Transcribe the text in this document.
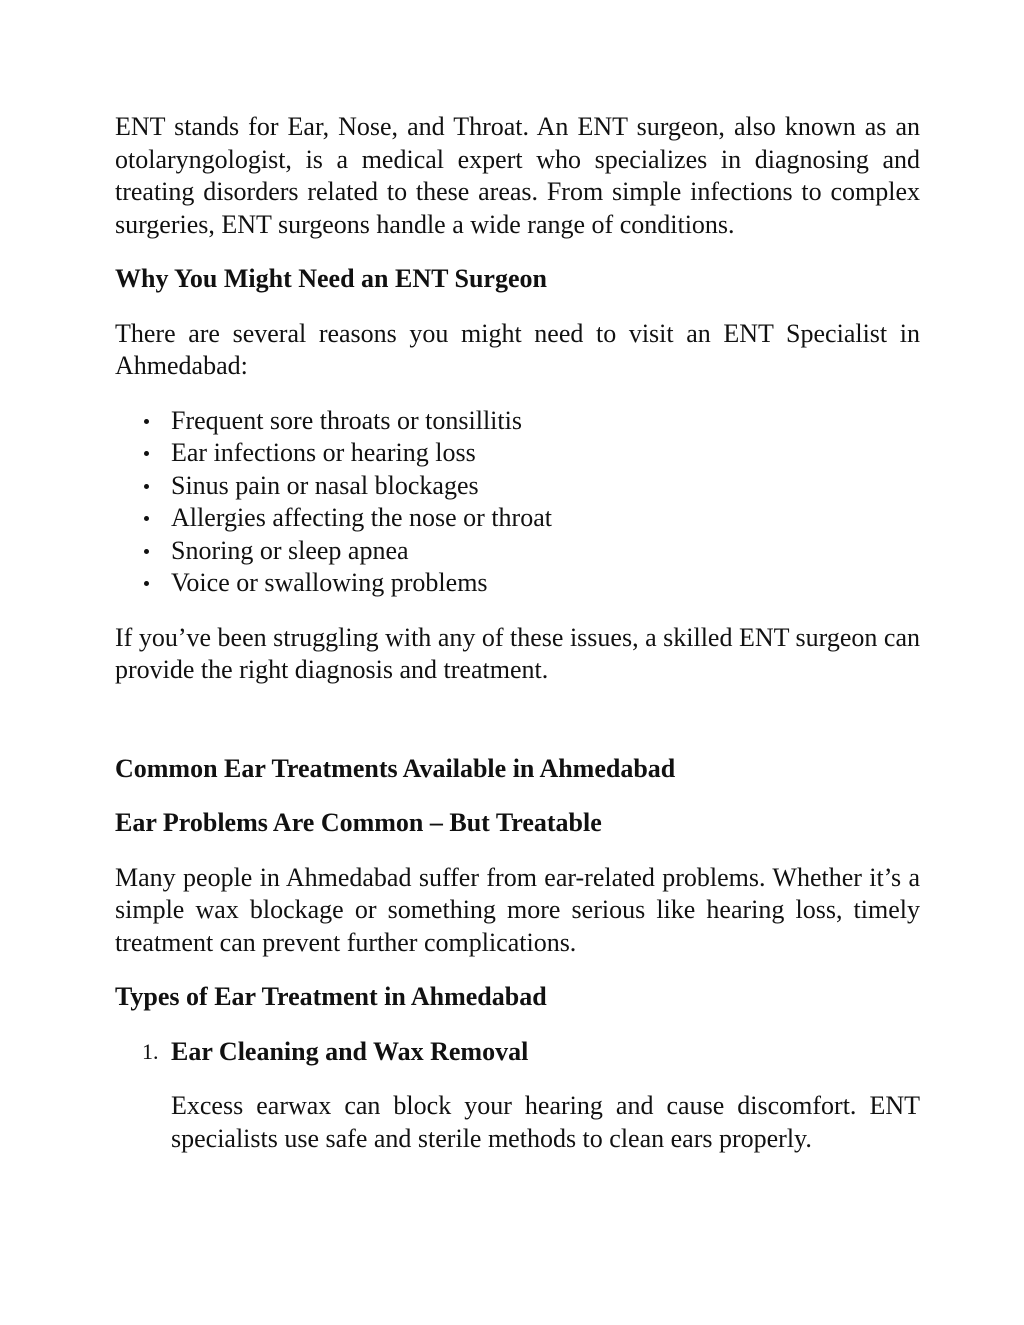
ENT stands for Ear, Nose, and Throat. An ENT surgeon, also known as an otolaryngologist, is a medical expert who specializes in diagnosing and treating disorders related to these areas. From simple infections to complex surgeries, ENT surgeons handle a wide range of conditions.

Why You Might Need an ENT Surgeon

There are several reasons you might need to visit an ENT Specialist in Ahmedabad:

Frequent sore throats or tonsillitis
Ear infections or hearing loss
Sinus pain or nasal blockages
Allergies affecting the nose or throat
Snoring or sleep apnea
Voice or swallowing problems

If you’ve been struggling with any of these issues, a skilled ENT surgeon can provide the right diagnosis and treatment.

Common Ear Treatments Available in Ahmedabad

Ear Problems Are Common – But Treatable

Many people in Ahmedabad suffer from ear-related problems. Whether it’s a simple wax blockage or something more serious like hearing loss, timely treatment can prevent further complications.

Types of Ear Treatment in Ahmedabad

1. Ear Cleaning and Wax Removal

Excess earwax can block your hearing and cause discomfort. ENT specialists use safe and sterile methods to clean ears properly.
